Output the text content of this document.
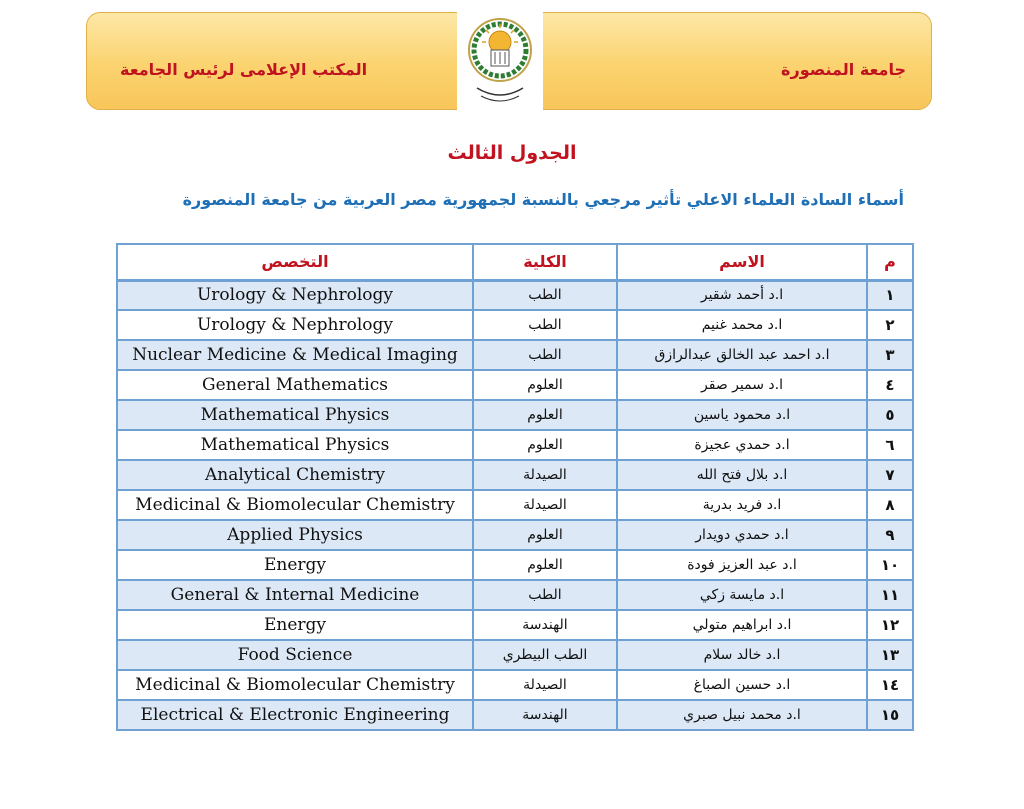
جامعة المنصورة
المكتب الإعلامى لرئيس الجامعة
الجدول الثالث
أسماء السادة العلماء الاعلي تأثير مرجعي بالنسبة لجمهورية مصر العربية من جامعة المنصورة
م	الاسم	الكلية	التخصص
١	ا.د أحمد شقير	الطب	Urology & Nephrology
٢	ا.د محمد غنيم	الطب	Urology & Nephrology
٣	ا.د احمد عبد الخالق عبدالرازق	الطب	Nuclear Medicine & Medical Imaging
٤	ا.د سمير صقر	العلوم	General Mathematics
٥	ا.د محمود ياسين	العلوم	Mathematical Physics
٦	ا.د حمدي عجيزة	العلوم	Mathematical Physics
٧	ا.د بلال فتح الله	الصيدلة	Analytical Chemistry
٨	ا.د فريد بدرية	الصيدلة	Medicinal & Biomolecular Chemistry
٩	ا.د حمدي دويدار	العلوم	Applied Physics
١٠	ا.د عبد العزيز فودة	العلوم	Energy
١١	ا.د مايسة زكي	الطب	General & Internal Medicine
١٢	ا.د ابراهيم متولي	الهندسة	Energy
١٣	ا.د خالد سلام	الطب البيطري	Food Science
١٤	ا.د حسين الصباغ	الصيدلة	Medicinal & Biomolecular Chemistry
١٥	ا.د محمد نبيل صبري	الهندسة	Electrical & Electronic Engineering
